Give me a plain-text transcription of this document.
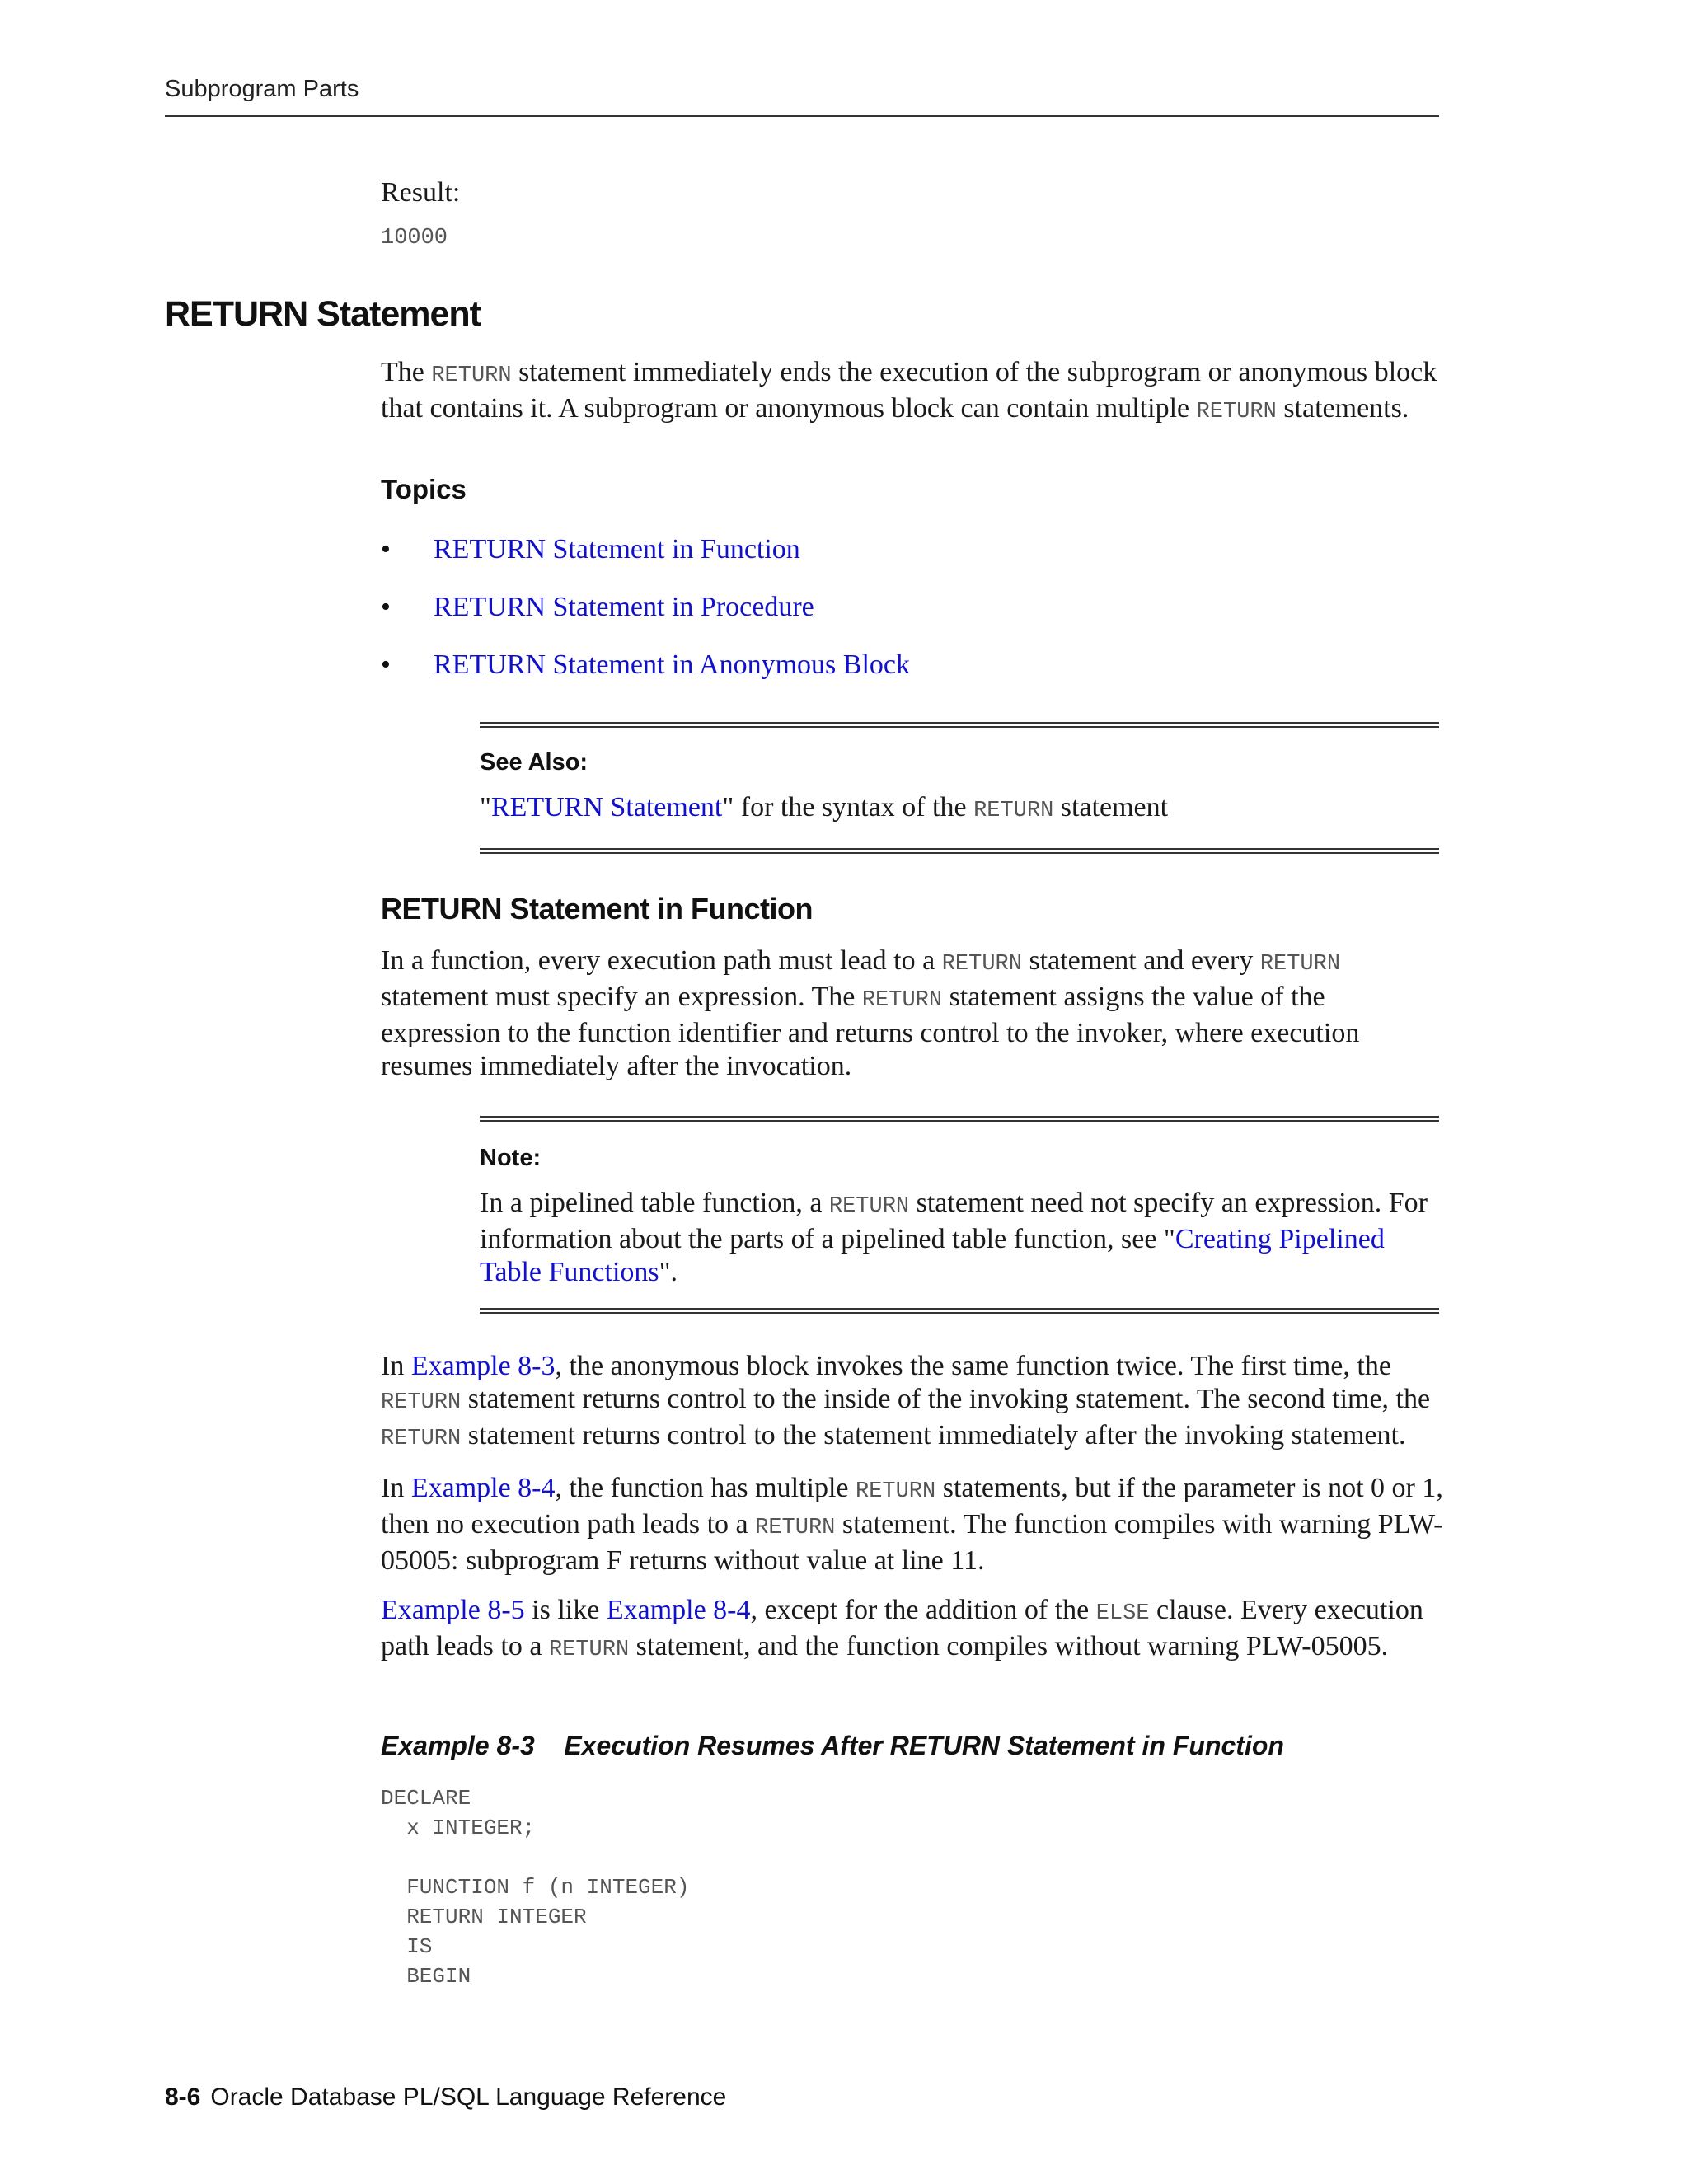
Subprogram Parts

Result:

10000
RETURN Statement

The RETURN statement immediately ends the execution of the subprogram or anonymous block that contains it. A subprogram or anonymous block can contain multiple RETURN statements.

Topics
• RETURN Statement in Function
• RETURN Statement in Procedure
• RETURN Statement in Anonymous Block

See Also:

"RETURN Statement" for the syntax of the RETURN statement

RETURN Statement in Function

In a function, every execution path must lead to a RETURN statement and every RETURN statement must specify an expression. The RETURN statement assigns the value of the expression to the function identifier and returns control to the invoker, where execution resumes immediately after the invocation.

Note:

In a pipelined table function, a RETURN statement need not specify an expression. For information about the parts of a pipelined table function, see "Creating Pipelined Table Functions".

In Example 8-3, the anonymous block invokes the same function twice. The first time, the RETURN statement returns control to the inside of the invoking statement. The second time, the RETURN statement returns control to the statement immediately after the invoking statement.

In Example 8-4, the function has multiple RETURN statements, but if the parameter is not 0 or 1, then no execution path leads to a RETURN statement. The function compiles with warning PLW-05005: subprogram F returns without value at line 11.

Example 8-5 is like Example 8-4, except for the addition of the ELSE clause. Every execution path leads to a RETURN statement, and the function compiles without warning PLW-05005.

Example 8-3    Execution Resumes After RETURN Statement in Function

DECLARE
x INTEGER;

FUNCTION f (n INTEGER)
RETURN INTEGER
IS
BEGIN
8-6 Oracle Database PL/SQL Language Reference
